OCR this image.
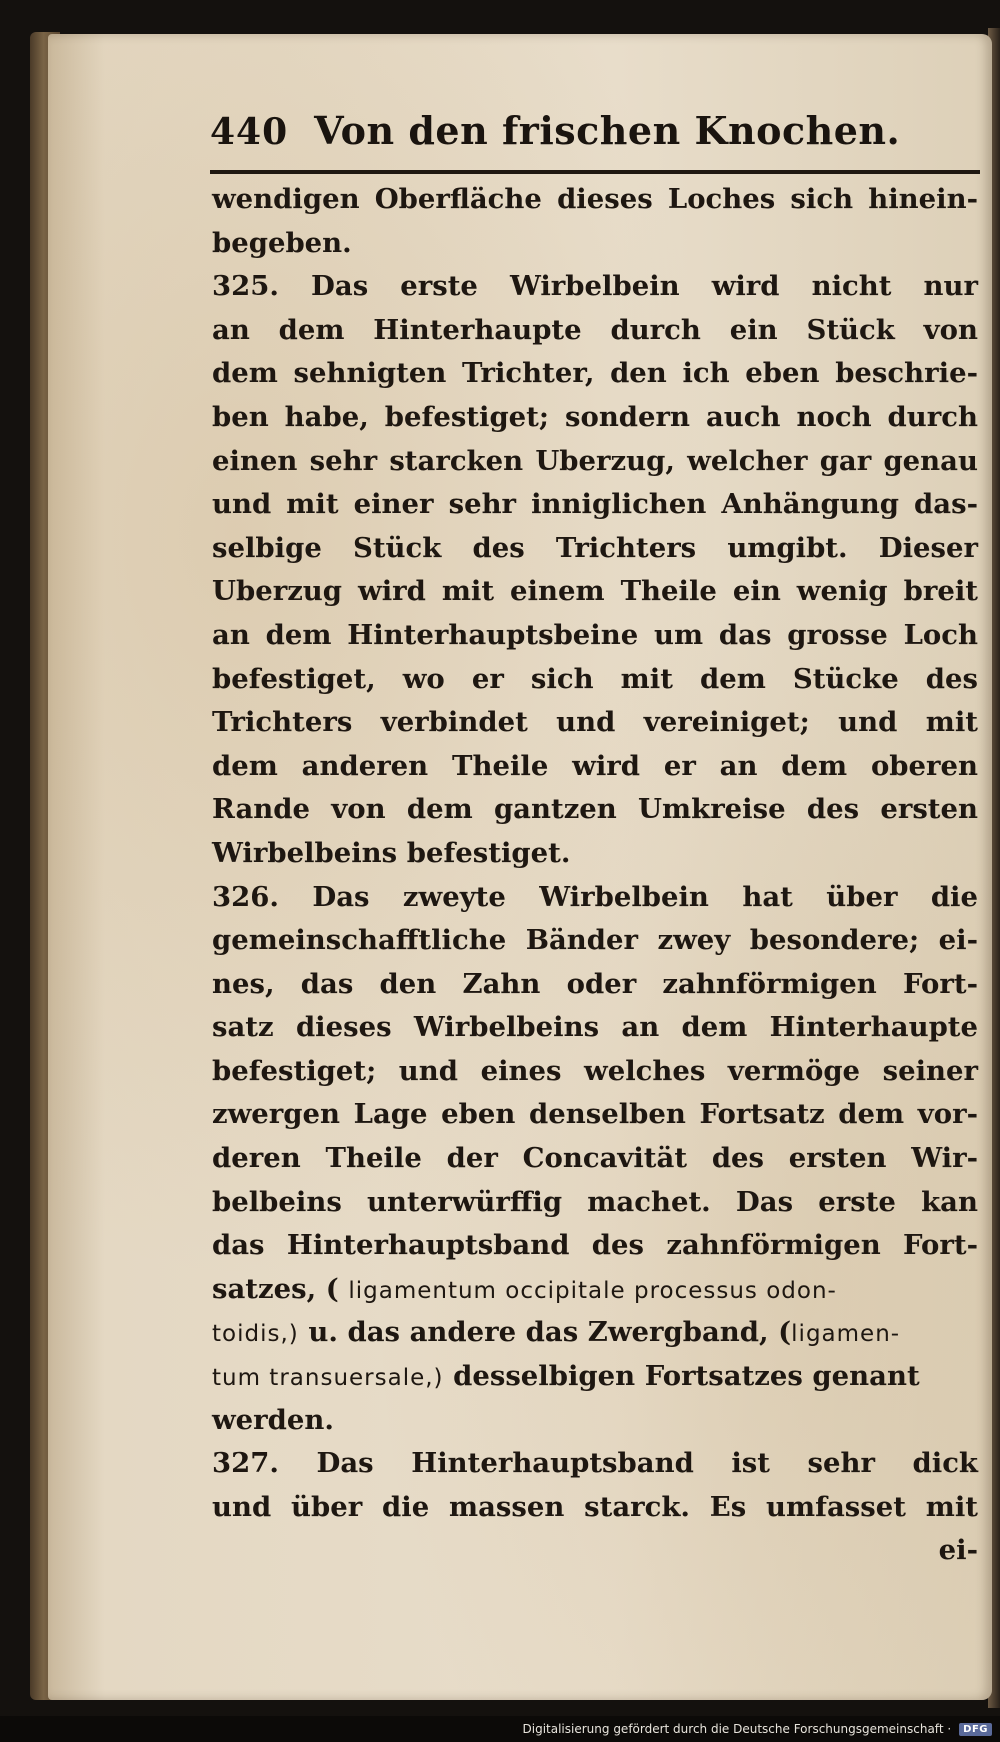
440 Von den frischen Knochen.
wendigen Oberfläche dieses Loches sich hinein-
begeben.
325. Das erste Wirbelbein wird nicht nur
an dem Hinterhaupte durch ein Stück von
dem sehnigten Trichter, den ich eben beschrie-
ben habe, befestiget; sondern auch noch durch
einen sehr starcken Uberzug, welcher gar genau
und mit einer sehr inniglichen Anhängung das-
selbige Stück des Trichters umgibt. Dieser
Uberzug wird mit einem Theile ein wenig breit
an dem Hinterhauptsbeine um das grosse Loch
befestiget, wo er sich mit dem Stücke des
Trichters verbindet und vereiniget; und mit
dem anderen Theile wird er an dem oberen
Rande von dem gantzen Umkreise des ersten
Wirbelbeins befestiget.
326. Das zweyte Wirbelbein hat über die
gemeinschafftliche Bänder zwey besondere; ei-
nes, das den Zahn oder zahnförmigen Fort-
satz dieses Wirbelbeins an dem Hinterhaupte
befestiget; und eines welches vermöge seiner
zwergen Lage eben denselben Fortsatz dem vor-
deren Theile der Concavität des ersten Wir-
belbeins unterwürffig machet. Das erste kan
das Hinterhauptsband des zahnförmigen Fort-
satzes, ( ligamentum occipitale processus odon-
toidis,) u. das andere das Zwergband, (ligamen-
tum transuersale,) desselbigen Fortsatzes genant
werden.
327. Das Hinterhauptsband ist sehr dick
und über die massen starck. Es umfasset mit
ei-
Digitalisierung gefördert durch die Deutsche Forschungsgemeinschaft ·	DFG
